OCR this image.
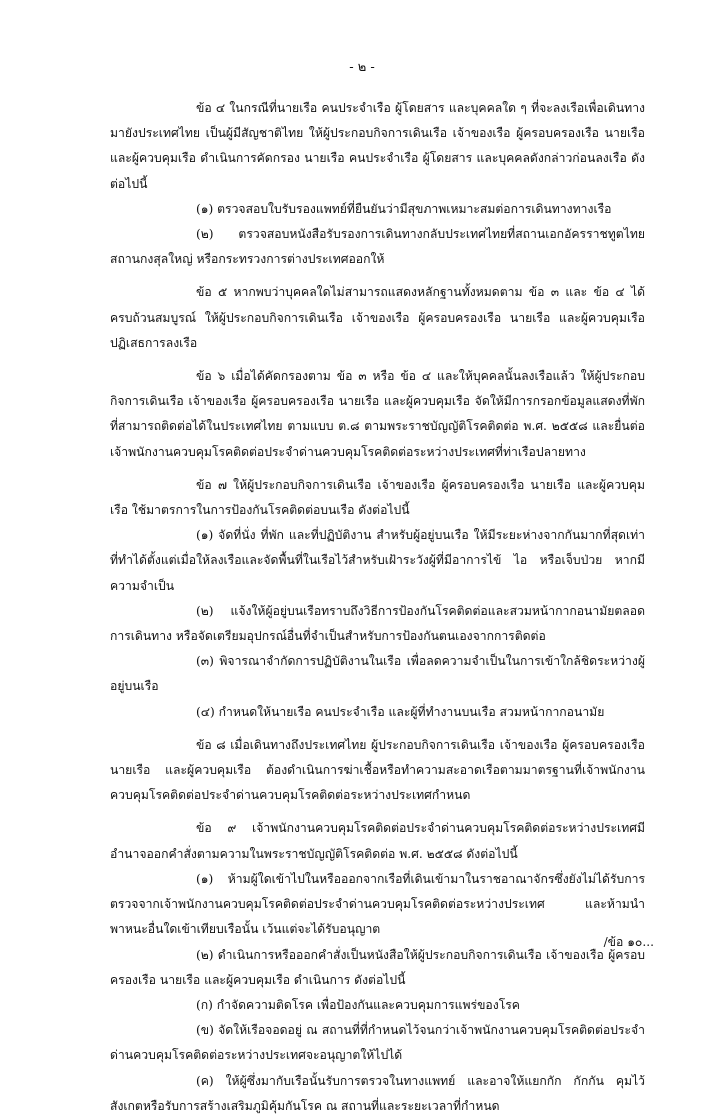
- ๒ -

ข้อ ๔ ในกรณีที่นายเรือ คนประจำเรือ ผู้โดยสาร และบุคคลใด ๆ ที่จะลงเรือเพื่อเดินทางมายังประเทศไทย เป็นผู้มีสัญชาติไทย ให้ผู้ประกอบกิจการเดินเรือ เจ้าของเรือ ผู้ครอบครองเรือ นายเรือ และผู้ควบคุมเรือ ดำเนินการคัดกรอง นายเรือ คนประจำเรือ ผู้โดยสาร และบุคคลดังกล่าวก่อนลงเรือ ดังต่อไปนี้

(๑) ตรวจสอบใบรับรองแพทย์ที่ยืนยันว่ามีสุขภาพเหมาะสมต่อการเดินทางทางเรือ

(๒) ตรวจสอบหนังสือรับรองการเดินทางกลับประเทศไทยที่สถานเอกอัครราชทูตไทย สถานกงสุลใหญ่ หรือกระทรวงการต่างประเทศออกให้

ข้อ ๕ หากพบว่าบุคคลใดไม่สามารถแสดงหลักฐานทั้งหมดตาม ข้อ ๓ และ ข้อ ๔ ได้ครบถ้วนสมบูรณ์ ให้ผู้ประกอบกิจการเดินเรือ เจ้าของเรือ ผู้ครอบครองเรือ นายเรือ และผู้ควบคุมเรือ ปฏิเสธการลงเรือ

ข้อ ๖ เมื่อได้คัดกรองตาม ข้อ ๓ หรือ ข้อ ๔ และให้บุคคลนั้นลงเรือแล้ว ให้ผู้ประกอบกิจการเดินเรือ เจ้าของเรือ ผู้ครอบครองเรือ นายเรือ และผู้ควบคุมเรือ จัดให้มีการกรอกข้อมูลแสดงที่พักที่สามารถติดต่อได้ในประเทศไทย ตามแบบ ต.๘ ตามพระราชบัญญัติโรคติดต่อ พ.ศ. ๒๕๕๘ และยื่นต่อเจ้าพนักงานควบคุมโรคติดต่อประจำด่านควบคุมโรคติดต่อระหว่างประเทศที่ท่าเรือปลายทาง

ข้อ ๗ ให้ผู้ประกอบกิจการเดินเรือ เจ้าของเรือ ผู้ครอบครองเรือ นายเรือ และผู้ควบคุมเรือ ใช้มาตรการในการป้องกันโรคติดต่อบนเรือ ดังต่อไปนี้

(๑) จัดที่นั่ง ที่พัก และที่ปฏิบัติงาน สำหรับผู้อยู่บนเรือ ให้มีระยะห่างจากกันมากที่สุดเท่าที่ทำได้ตั้งแต่เมื่อให้ลงเรือและจัดพื้นที่ในเรือไว้สำหรับเฝ้าระวังผู้ที่มีอาการไข้ ไอ หรือเจ็บป่วย หากมีความจำเป็น

(๒) แจ้งให้ผู้อยู่บนเรือทราบถึงวิธีการป้องกันโรคติดต่อและสวมหน้ากากอนามัยตลอดการเดินทาง หรือจัดเตรียมอุปกรณ์อื่นที่จำเป็นสำหรับการป้องกันตนเองจากการติดต่อ

(๓) พิจารณาจำกัดการปฏิบัติงานในเรือ เพื่อลดความจำเป็นในการเข้าใกล้ชิดระหว่างผู้อยู่บนเรือ

(๔) กำหนดให้นายเรือ คนประจำเรือ และผู้ที่ทำงานบนเรือ สวมหน้ากากอนามัย

ข้อ ๘ เมื่อเดินทางถึงประเทศไทย ผู้ประกอบกิจการเดินเรือ เจ้าของเรือ ผู้ครอบครองเรือ นายเรือ และผู้ควบคุมเรือ ต้องดำเนินการฆ่าเชื้อหรือทำความสะอาดเรือตามมาตรฐานที่เจ้าพนักงานควบคุมโรคติดต่อประจำด่านควบคุมโรคติดต่อระหว่างประเทศกำหนด

ข้อ ๙ เจ้าพนักงานควบคุมโรคติดต่อประจำด่านควบคุมโรคติดต่อระหว่างประเทศมีอำนาจออกคำสั่งตามความในพระราชบัญญัติโรคติดต่อ พ.ศ. ๒๕๕๘ ดังต่อไปนี้

(๑) ห้ามผู้ใดเข้าไปในหรือออกจากเรือที่เดินเข้ามาในราชอาณาจักรซึ่งยังไม่ได้รับการตรวจจากเจ้าพนักงานควบคุมโรคติดต่อประจำด่านควบคุมโรคติดต่อระหว่างประเทศ และห้ามนำพาหนะอื่นใดเข้าเทียบเรือนั้น เว้นแต่จะได้รับอนุญาต

(๒) ดำเนินการหรือออกคำสั่งเป็นหนังสือให้ผู้ประกอบกิจการเดินเรือ เจ้าของเรือ ผู้ครอบครองเรือ นายเรือ และผู้ควบคุมเรือ ดำเนินการ ดังต่อไปนี้

(ก) กำจัดความติดโรค เพื่อป้องกันและควบคุมการแพร่ของโรค

(ข) จัดให้เรือจอดอยู่ ณ สถานที่ที่กำหนดไว้จนกว่าเจ้าพนักงานควบคุมโรคติดต่อประจำด่านควบคุมโรคติดต่อระหว่างประเทศจะอนุญาตให้ไปได้

(ค) ให้ผู้ซึ่งมากับเรือนั้นรับการตรวจในทางแพทย์ และอาจให้แยกกัก กักกัน คุมไว้สังเกตหรือรับการสร้างเสริมภูมิคุ้มกันโรค ณ สถานที่และระยะเวลาที่กำหนด

/ข้อ ๑๐...
